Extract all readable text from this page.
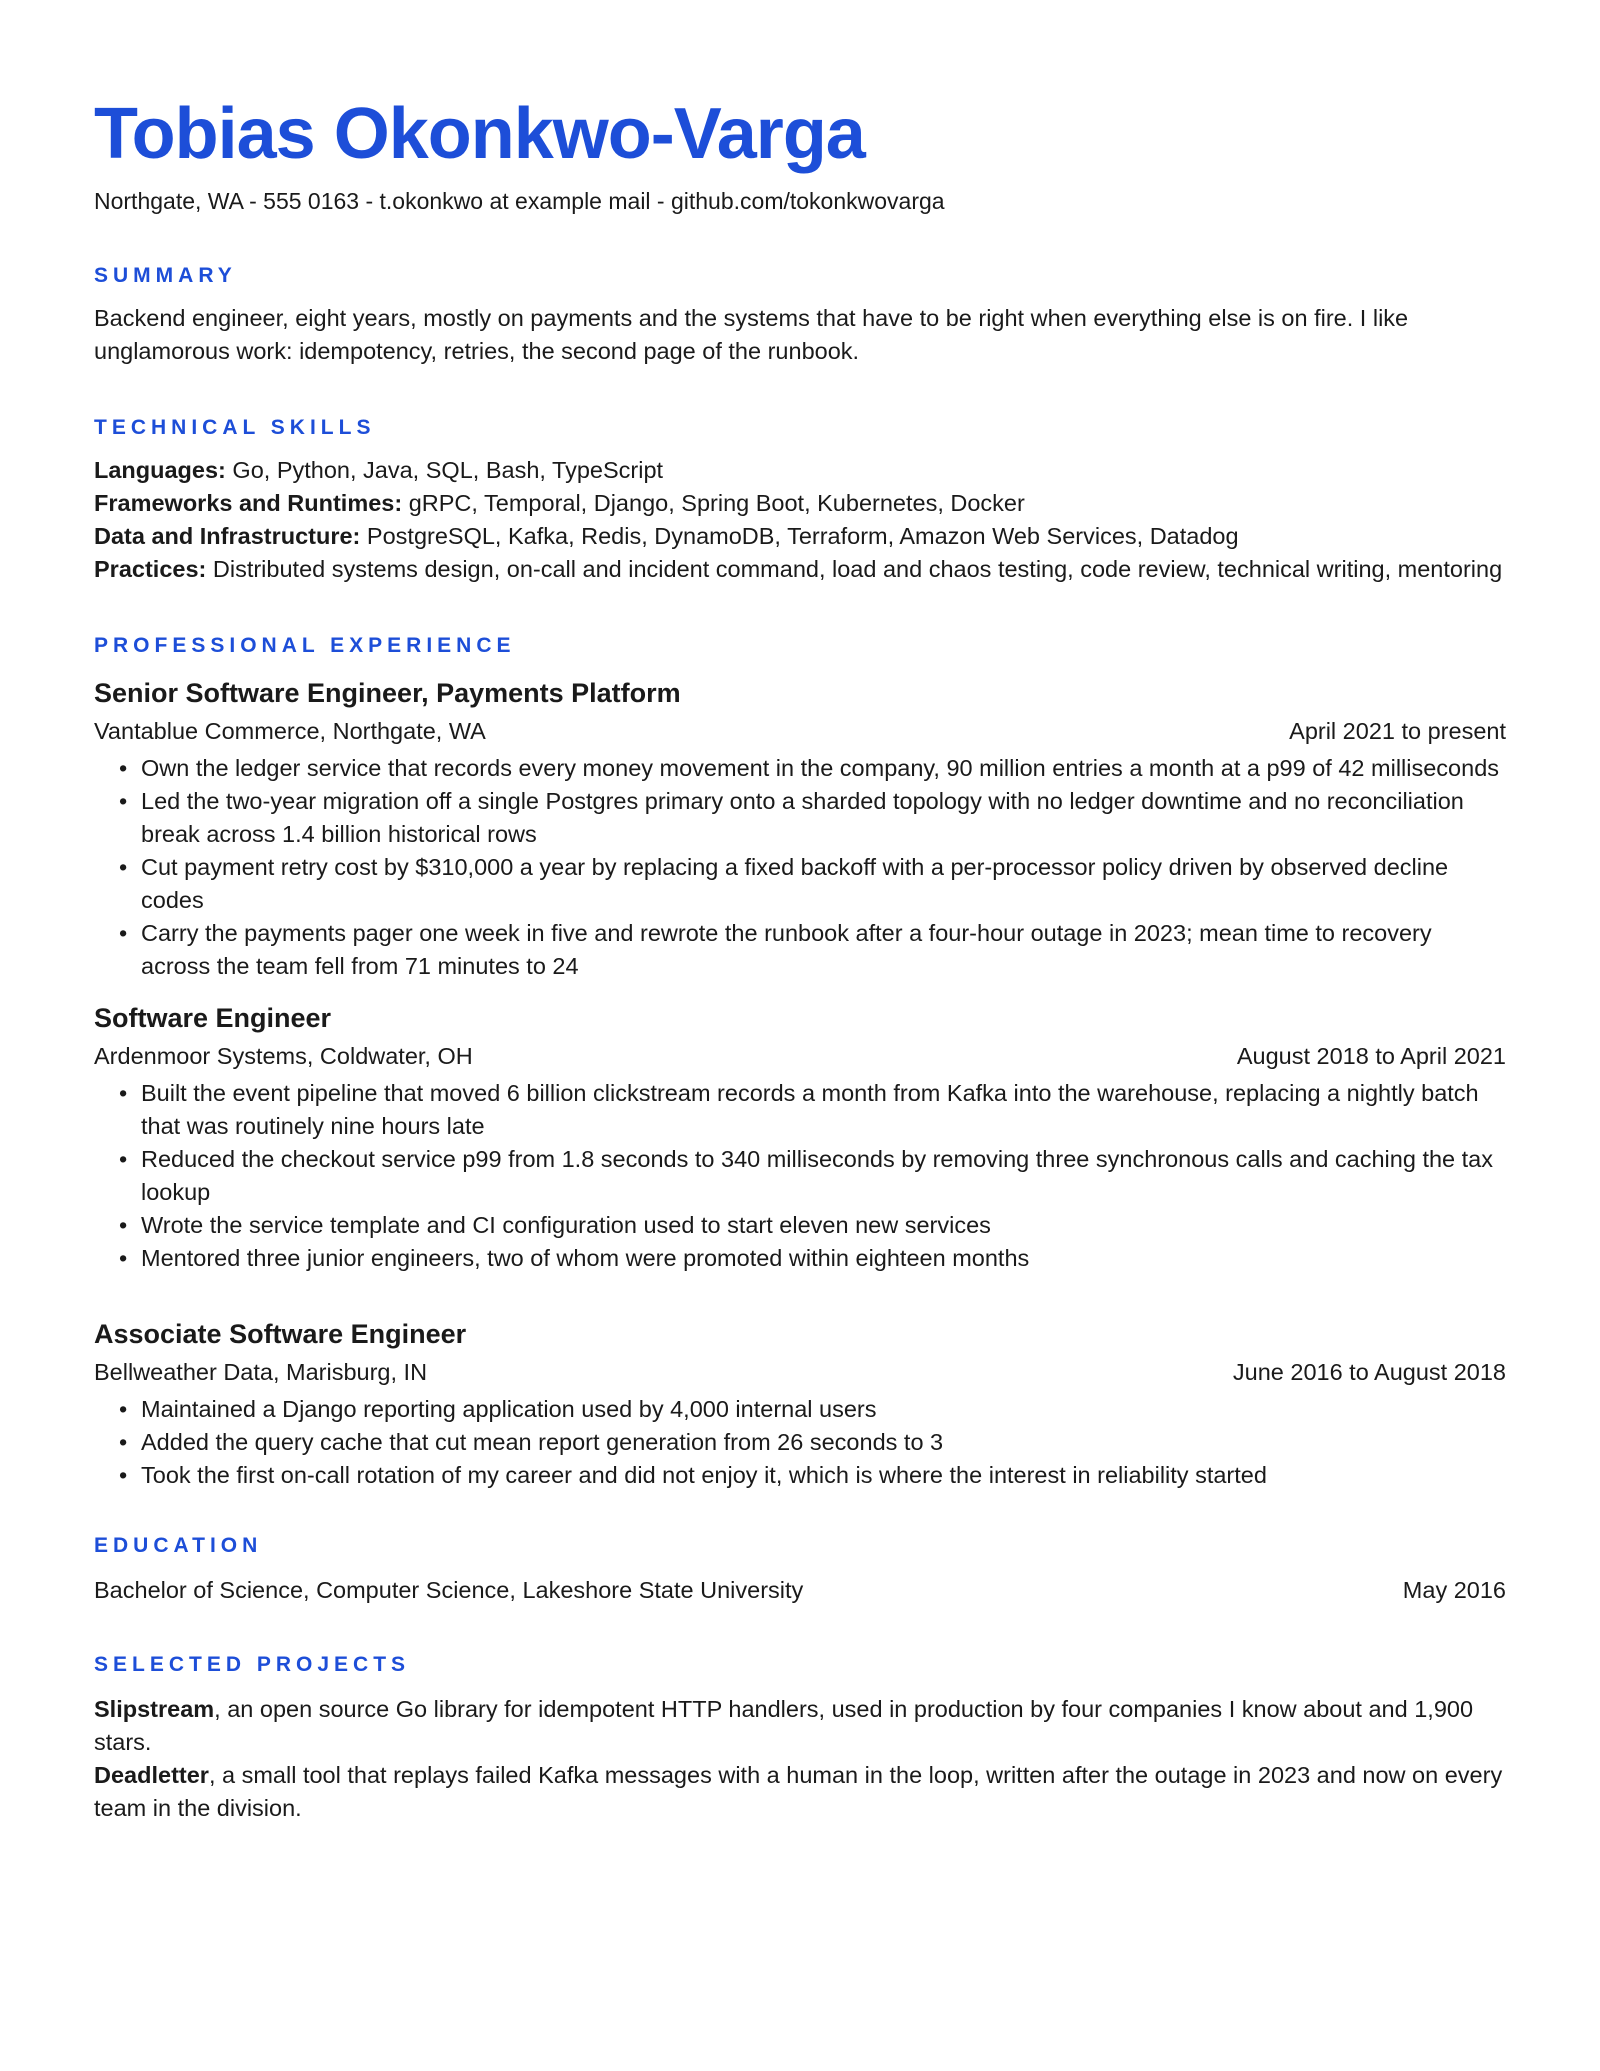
Tobias Okonkwo-Varga
Northgate, WA - 555 0163 - t.okonkwo at example mail - github.com/tokonkwovarga
SUMMARY
Backend engineer, eight years, mostly on payments and the systems that have to be right when everything else is on fire. I like unglamorous work: idempotency, retries, the second page of the runbook.
TECHNICAL SKILLS
Languages: Go, Python, Java, SQL, Bash, TypeScript
Frameworks and Runtimes: gRPC, Temporal, Django, Spring Boot, Kubernetes, Docker
Data and Infrastructure: PostgreSQL, Kafka, Redis, DynamoDB, Terraform, Amazon Web Services, Datadog
Practices: Distributed systems design, on-call and incident command, load and chaos testing, code review, technical writing, mentoring
PROFESSIONAL EXPERIENCE
Senior Software Engineer, Payments Platform
Vantablue Commerce, Northgate, WA	April 2021 to present
• Own the ledger service that records every money movement in the company, 90 million entries a month at a p99 of 42 milliseconds
• Led the two-year migration off a single Postgres primary onto a sharded topology with no ledger downtime and no reconciliation break across 1.4 billion historical rows
• Cut payment retry cost by $310,000 a year by replacing a fixed backoff with a per-processor policy driven by observed decline codes
• Carry the payments pager one week in five and rewrote the runbook after a four-hour outage in 2023; mean time to recovery across the team fell from 71 minutes to 24
Software Engineer
Ardenmoor Systems, Coldwater, OH	August 2018 to April 2021
• Built the event pipeline that moved 6 billion clickstream records a month from Kafka into the warehouse, replacing a nightly batch that was routinely nine hours late
• Reduced the checkout service p99 from 1.8 seconds to 340 milliseconds by removing three synchronous calls and caching the tax lookup
• Wrote the service template and CI configuration used to start eleven new services
• Mentored three junior engineers, two of whom were promoted within eighteen months
Associate Software Engineer
Bellweather Data, Marisburg, IN	June 2016 to August 2018
• Maintained a Django reporting application used by 4,000 internal users
• Added the query cache that cut mean report generation from 26 seconds to 3
• Took the first on-call rotation of my career and did not enjoy it, which is where the interest in reliability started
EDUCATION
Bachelor of Science, Computer Science, Lakeshore State University	May 2016
SELECTED PROJECTS
Slipstream, an open source Go library for idempotent HTTP handlers, used in production by four companies I know about and 1,900 stars.
Deadletter, a small tool that replays failed Kafka messages with a human in the loop, written after the outage in 2023 and now on every team in the division.
